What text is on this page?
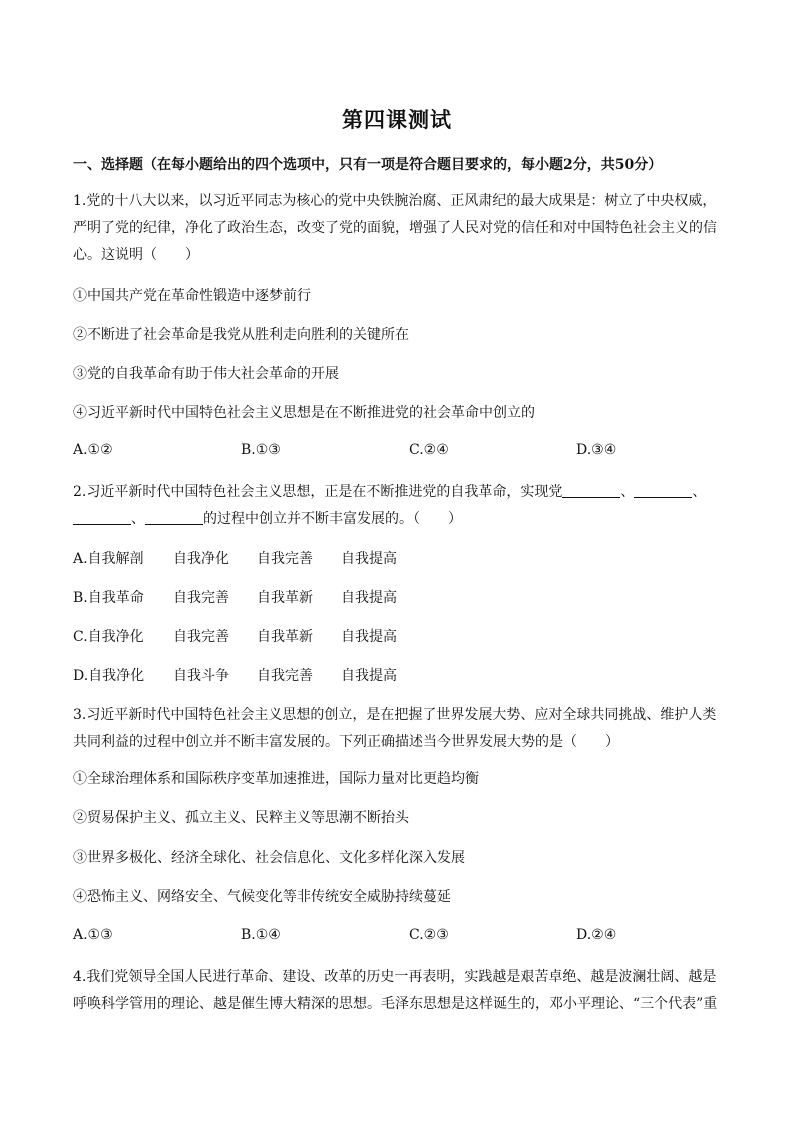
第四课测试
一、选择题（在每小题给出的四个选项中，只有一项是符合题目要求的，每小题2分，共50分）
1.党的十八大以来，以习近平同志为核心的党中央铁腕治腐、正风肃纪的最大成果是：树立了中央权威，严明了党的纪律，净化了政治生态，改变了党的面貌，增强了人民对党的信任和对中国特色社会主义的信心。这说明（　　）
①中国共产党在革命性锻造中逐梦前行
②不断进了社会革命是我党从胜利走向胜利的关键所在
③党的自我革命有助于伟大社会革命的开展
④习近平新时代中国特色社会主义思想是在不断推进党的社会革命中创立的
A.①②	B.①③	C.②④	D.③④
2.习近平新时代中国特色社会主义思想，正是在不断推进党的自我革命，实现党	、	、
、	的过程中创立并不断丰富发展的。（　　）
A.自我解剖 自我净化 自我完善 自我提高
B.自我革命 自我完善 自我革新 自我提高
C.自我净化 自我完善 自我革新 自我提高
D.自我净化 自我斗争 自我完善 自我提高
3.习近平新时代中国特色社会主义思想的创立，是在把握了世界发展大势、应对全球共同挑战、维护人类共同利益的过程中创立并不断丰富发展的。下列正确描述当今世界发展大势的是（　　）
①全球治理体系和国际秩序变革加速推进，国际力量对比更趋均衡
②贸易保护主义、孤立主义、民粹主义等思潮不断抬头
③世界多极化、经济全球化、社会信息化、文化多样化深入发展
④恐怖主义、网络安全、气候变化等非传统安全威胁持续蔓延
A.①③	B.①④	C.②③	D.②④
4.我们党领导全国人民进行革命、建设、改革的历史一再表明，实践越是艰苦卓绝、越是波澜壮阔、越是呼唤科学管用的理论、越是催生博大精深的思想。毛泽东思想是这样诞生的，邓小平理论、“三个代表”重
